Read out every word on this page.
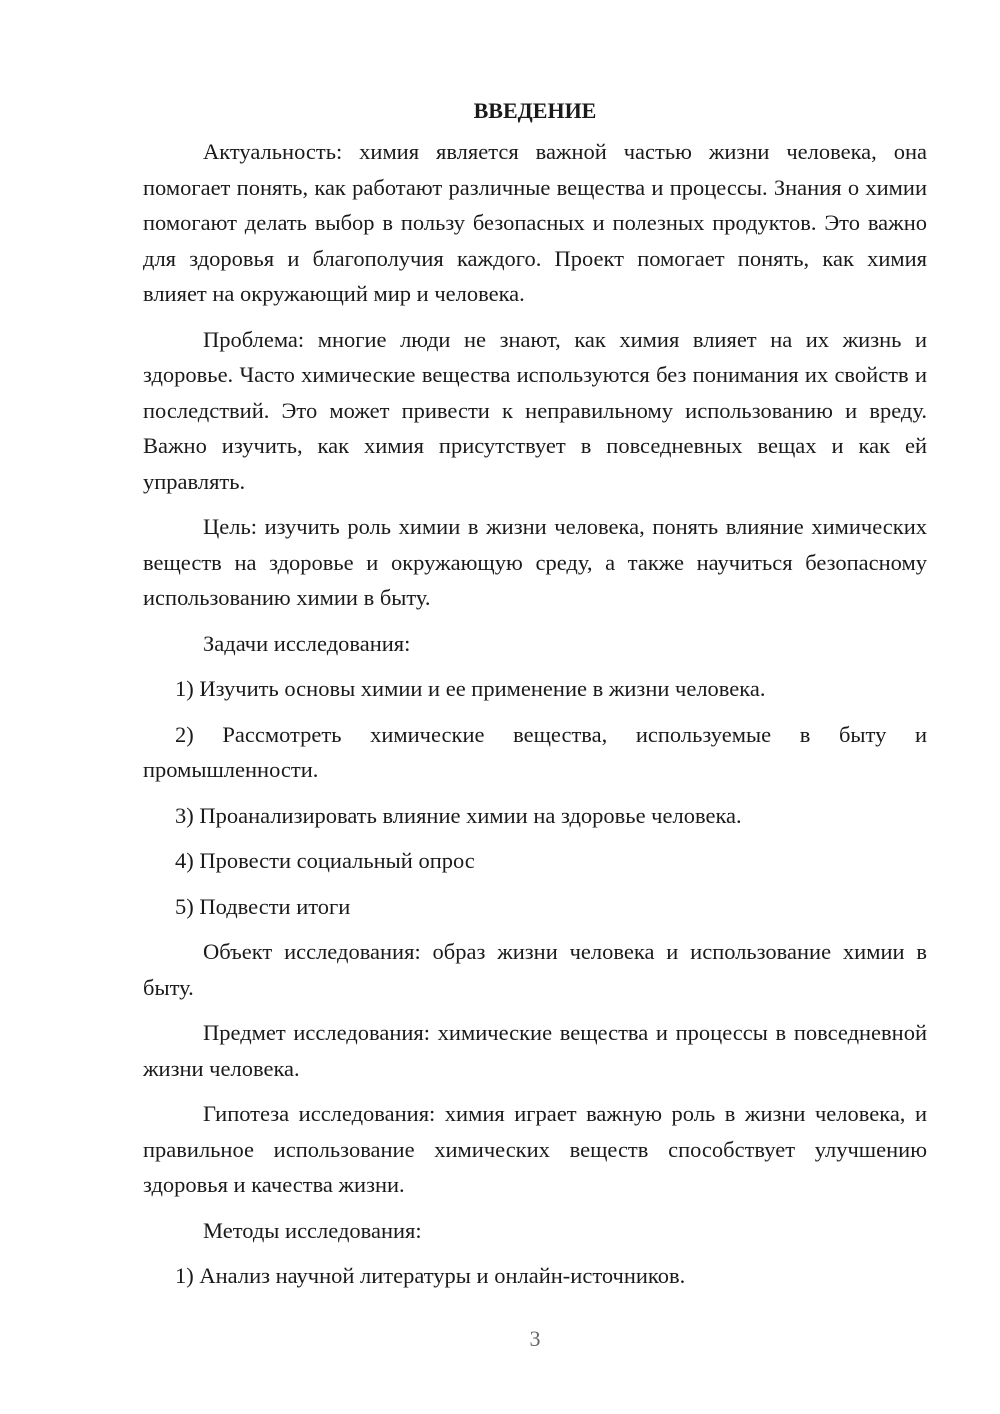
ВВЕДЕНИЕ

Актуальность: химия является важной частью жизни человека, она помогает понять, как работают различные вещества и процессы. Знания о химии помогают делать выбор в пользу безопасных и полезных продуктов. Это важно для здоровья и благополучия каждого. Проект помогает понять, как химия влияет на окружающий мир и человека.

Проблема: многие люди не знают, как химия влияет на их жизнь и здоровье. Часто химические вещества используются без понимания их свойств и последствий. Это может привести к неправильному использованию и вреду. Важно изучить, как химия присутствует в повседневных вещах и как ей управлять.

Цель: изучить роль химии в жизни человека, понять влияние химических веществ на здоровье и окружающую среду, а также научиться безопасному использованию химии в быту.

Задачи исследования:

1) Изучить основы химии и ее применение в жизни человека.

2) Рассмотреть химические вещества, используемые в быту и промышленности.

3) Проанализировать влияние химии на здоровье человека.

4) Провести социальный опрос

5) Подвести итоги

Объект исследования: образ жизни человека и использование химии в быту.

Предмет исследования: химические вещества и процессы в повседневной жизни человека.

Гипотеза исследования: химия играет важную роль в жизни человека, и правильное использование химических веществ способствует улучшению здоровья и качества жизни.

Методы исследования:

1) Анализ научной литературы и онлайн-источников.

3
